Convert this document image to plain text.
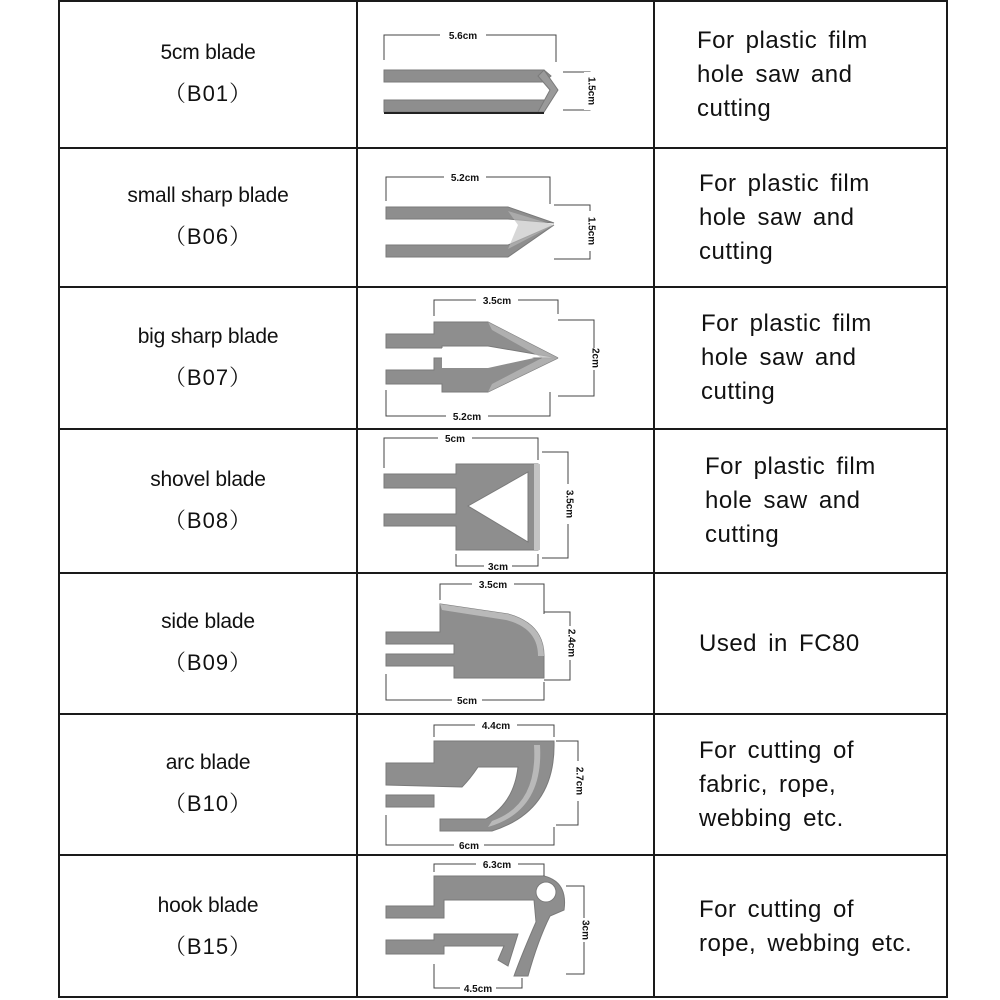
5cm blade
（B01）
5.6cm
1.5cm
For plastic film
hole saw and
cutting
small sharp blade
（B06）
5.2cm
1.5cm
For plastic film
hole saw and
cutting
big sharp blade
（B07）
3.5cm
2cm
5.2cm
For plastic film
hole saw and
cutting
shovel blade
（B08）
5cm
3.5cm
3cm
For plastic film
hole saw and
cutting
side blade
（B09）
3.5cm
2.4cm
5cm
Used in FC80
arc blade
（B10）
4.4cm
2.7cm
6cm
For cutting of
fabric, rope,
webbing etc.
hook blade
（B15）
6.3cm
3cm
4.5cm
For cutting of
rope, webbing etc.
